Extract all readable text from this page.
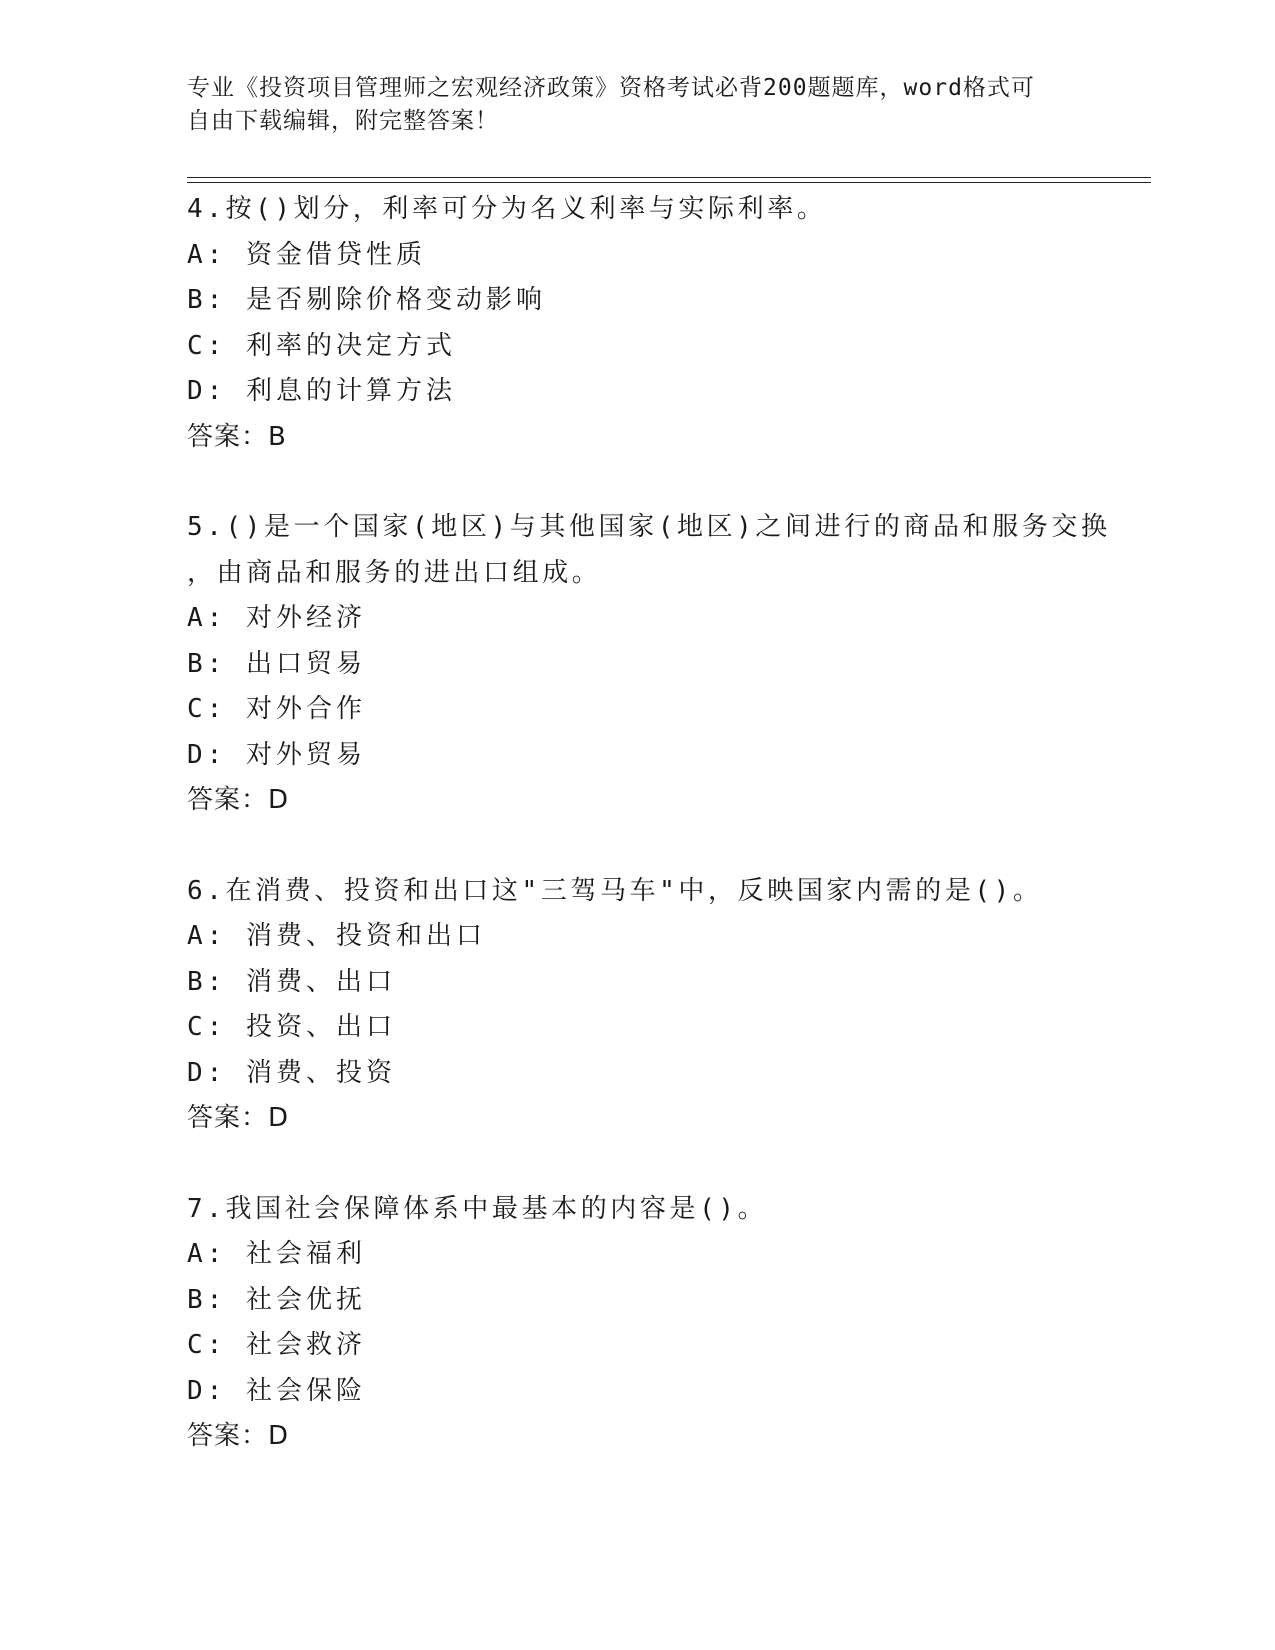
专业《投资项目管理师之宏观经济政策》资格考试必背200题题库，word格式可
自由下载编辑，附完整答案！
4.按()划分，利率可分为名义利率与实际利率。
A: 资金借贷性质
B: 是否剔除价格变动影响
C: 利率的决定方式
D: 利息的计算方法
答案：B
5.()是一个国家(地区)与其他国家(地区)之间进行的商品和服务交换
，由商品和服务的进出口组成。
A: 对外经济
B: 出口贸易
C: 对外合作
D: 对外贸易
答案：D
6.在消费、投资和出口这"三驾马车"中，反映国家内需的是()。
A: 消费、投资和出口
B: 消费、出口
C: 投资、出口
D: 消费、投资
答案：D
7.我国社会保障体系中最基本的内容是()。
A: 社会福利
B: 社会优抚
C: 社会救济
D: 社会保险
答案：D
